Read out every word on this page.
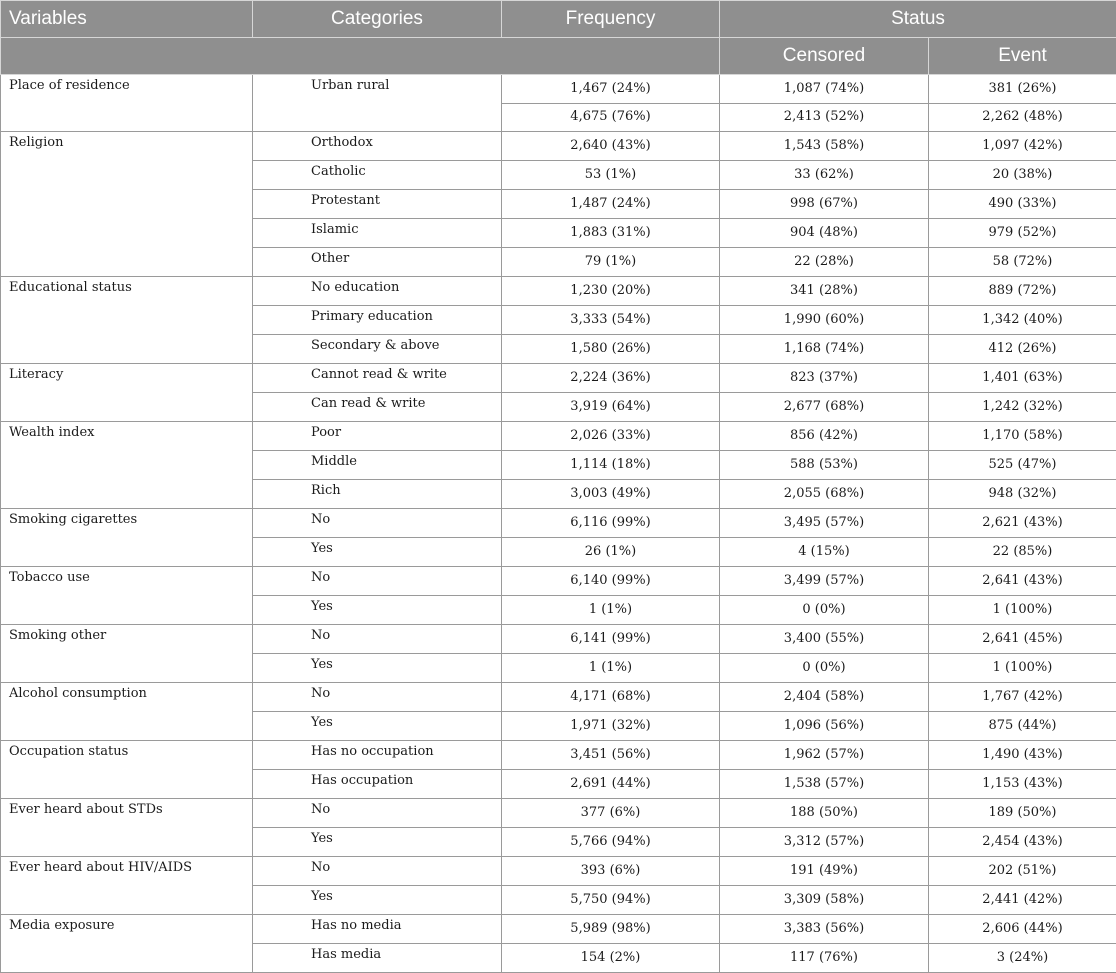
Variables	Categories	Frequency	Status	
			Censored	Event
Place of residence	Urban rural	1,467 (24%)	1,087 (74%)	381 (26%)
		4,675 (76%)	2,413 (52%)	2,262 (48%)
Religion	Orthodox	2,640 (43%)	1,543 (58%)	1,097 (42%)
	Catholic	53 (1%)	33 (62%)	20 (38%)
	Protestant	1,487 (24%)	998 (67%)	490 (33%)
	Islamic	1,883 (31%)	904 (48%)	979 (52%)
	Other	79 (1%)	22 (28%)	58 (72%)
Educational status	No education	1,230 (20%)	341 (28%)	889 (72%)
	Primary education	3,333 (54%)	1,990 (60%)	1,342 (40%)
	Secondary & above	1,580 (26%)	1,168 (74%)	412 (26%)
Literacy	Cannot read & write	2,224 (36%)	823 (37%)	1,401 (63%)
	Can read & write	3,919 (64%)	2,677 (68%)	1,242 (32%)
Wealth index	Poor	2,026 (33%)	856 (42%)	1,170 (58%)
	Middle	1,114 (18%)	588 (53%)	525 (47%)
	Rich	3,003 (49%)	2,055 (68%)	948 (32%)
Smoking cigarettes	No	6,116 (99%)	3,495 (57%)	2,621 (43%)
	Yes	26 (1%)	4 (15%)	22 (85%)
Tobacco use	No	6,140 (99%)	3,499 (57%)	2,641 (43%)
	Yes	1 (1%)	0 (0%)	1 (100%)
Smoking other	No	6,141 (99%)	3,400 (55%)	2,641 (45%)
	Yes	1 (1%)	0 (0%)	1 (100%)
Alcohol consumption	No	4,171 (68%)	2,404 (58%)	1,767 (42%)
	Yes	1,971 (32%)	1,096 (56%)	875 (44%)
Occupation status	Has no occupation	3,451 (56%)	1,962 (57%)	1,490 (43%)
	Has occupation	2,691 (44%)	1,538 (57%)	1,153 (43%)
Ever heard about STDs	No	377 (6%)	188 (50%)	189 (50%)
	Yes	5,766 (94%)	3,312 (57%)	2,454 (43%)
Ever heard about HIV/AIDS	No	393 (6%)	191 (49%)	202 (51%)
	Yes	5,750 (94%)	3,309 (58%)	2,441 (42%)
Media exposure	Has no media	5,989 (98%)	3,383 (56%)	2,606 (44%)
	Has media	154 (2%)	117 (76%)	3 (24%)
